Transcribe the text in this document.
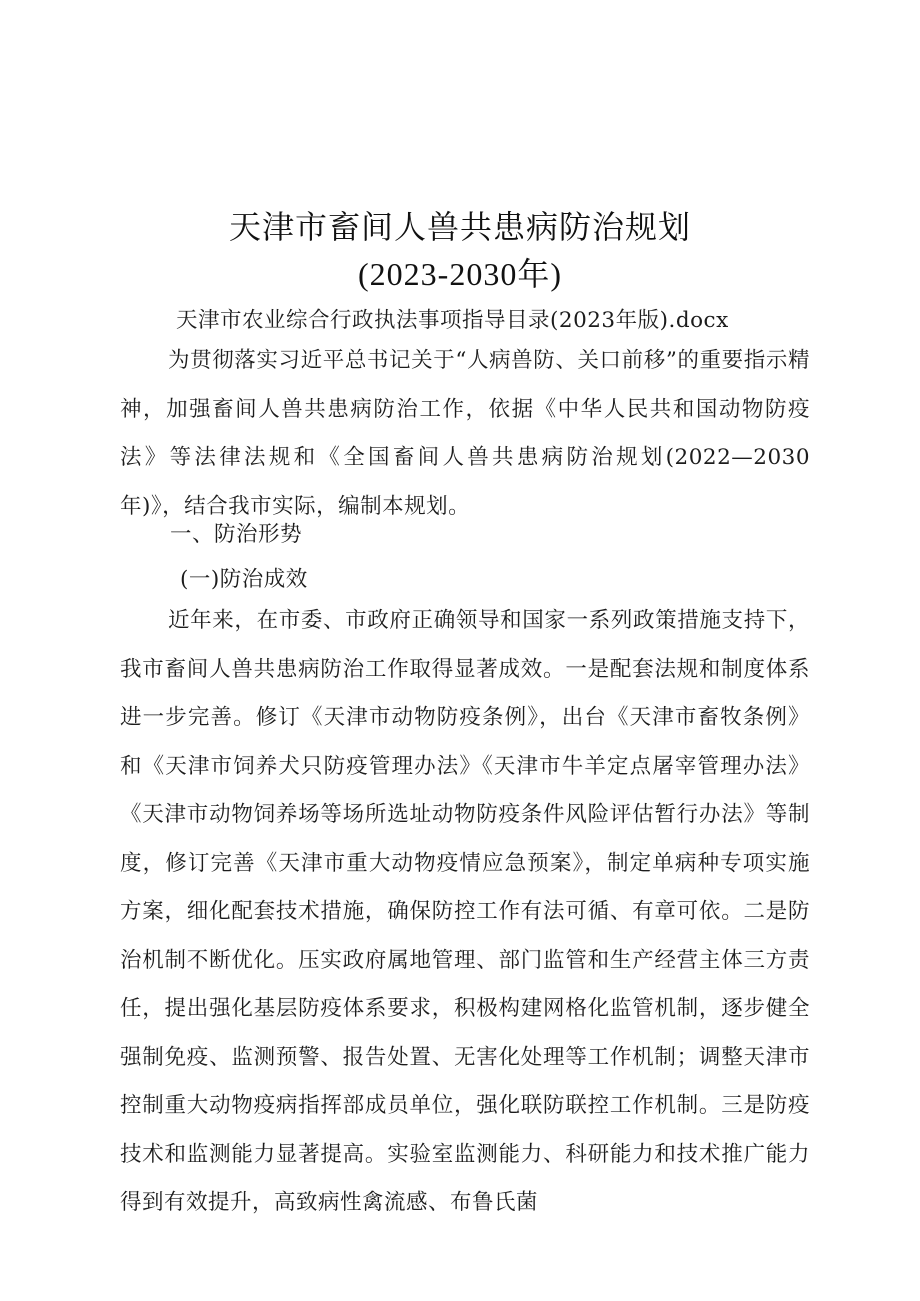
天津市畜间人兽共患病防治规划
(2023-2030年)

天津市农业综合行政执法事项指导目录(2023年版).docx

为贯彻落实习近平总书记关于“人病兽防、关口前移”的重要指示精神，加强畜间人兽共患病防治工作，依据《中华人民共和国动物防疫法》等法律法规和《全国畜间人兽共患病防治规划(2022—2030年)》，结合我市实际，编制本规划。

一、防治形势

(一)防治成效

近年来，在市委、市政府正确领导和国家一系列政策措施支持下，我市畜间人兽共患病防治工作取得显著成效。一是配套法规和制度体系进一步完善。修订《天津市动物防疫条例》，出台《天津市畜牧条例》和《天津市饲养犬只防疫管理办法》《天津市牛羊定点屠宰管理办法》《天津市动物饲养场等场所选址动物防疫条件风险评估暂行办法》等制度，修订完善《天津市重大动物疫情应急预案》，制定单病种专项实施方案，细化配套技术措施，确保防控工作有法可循、有章可依。二是防治机制不断优化。压实政府属地管理、部门监管和生产经营主体三方责任，提出强化基层防疫体系要求，积极构建网格化监管机制，逐步健全强制免疫、监测预警、报告处置、无害化处理等工作机制；调整天津市控制重大动物疫病指挥部成员单位，强化联防联控工作机制。三是防疫技术和监测能力显著提高。实验室监测能力、科研能力和技术推广能力得到有效提升，高致病性禽流感、布鲁氏菌
